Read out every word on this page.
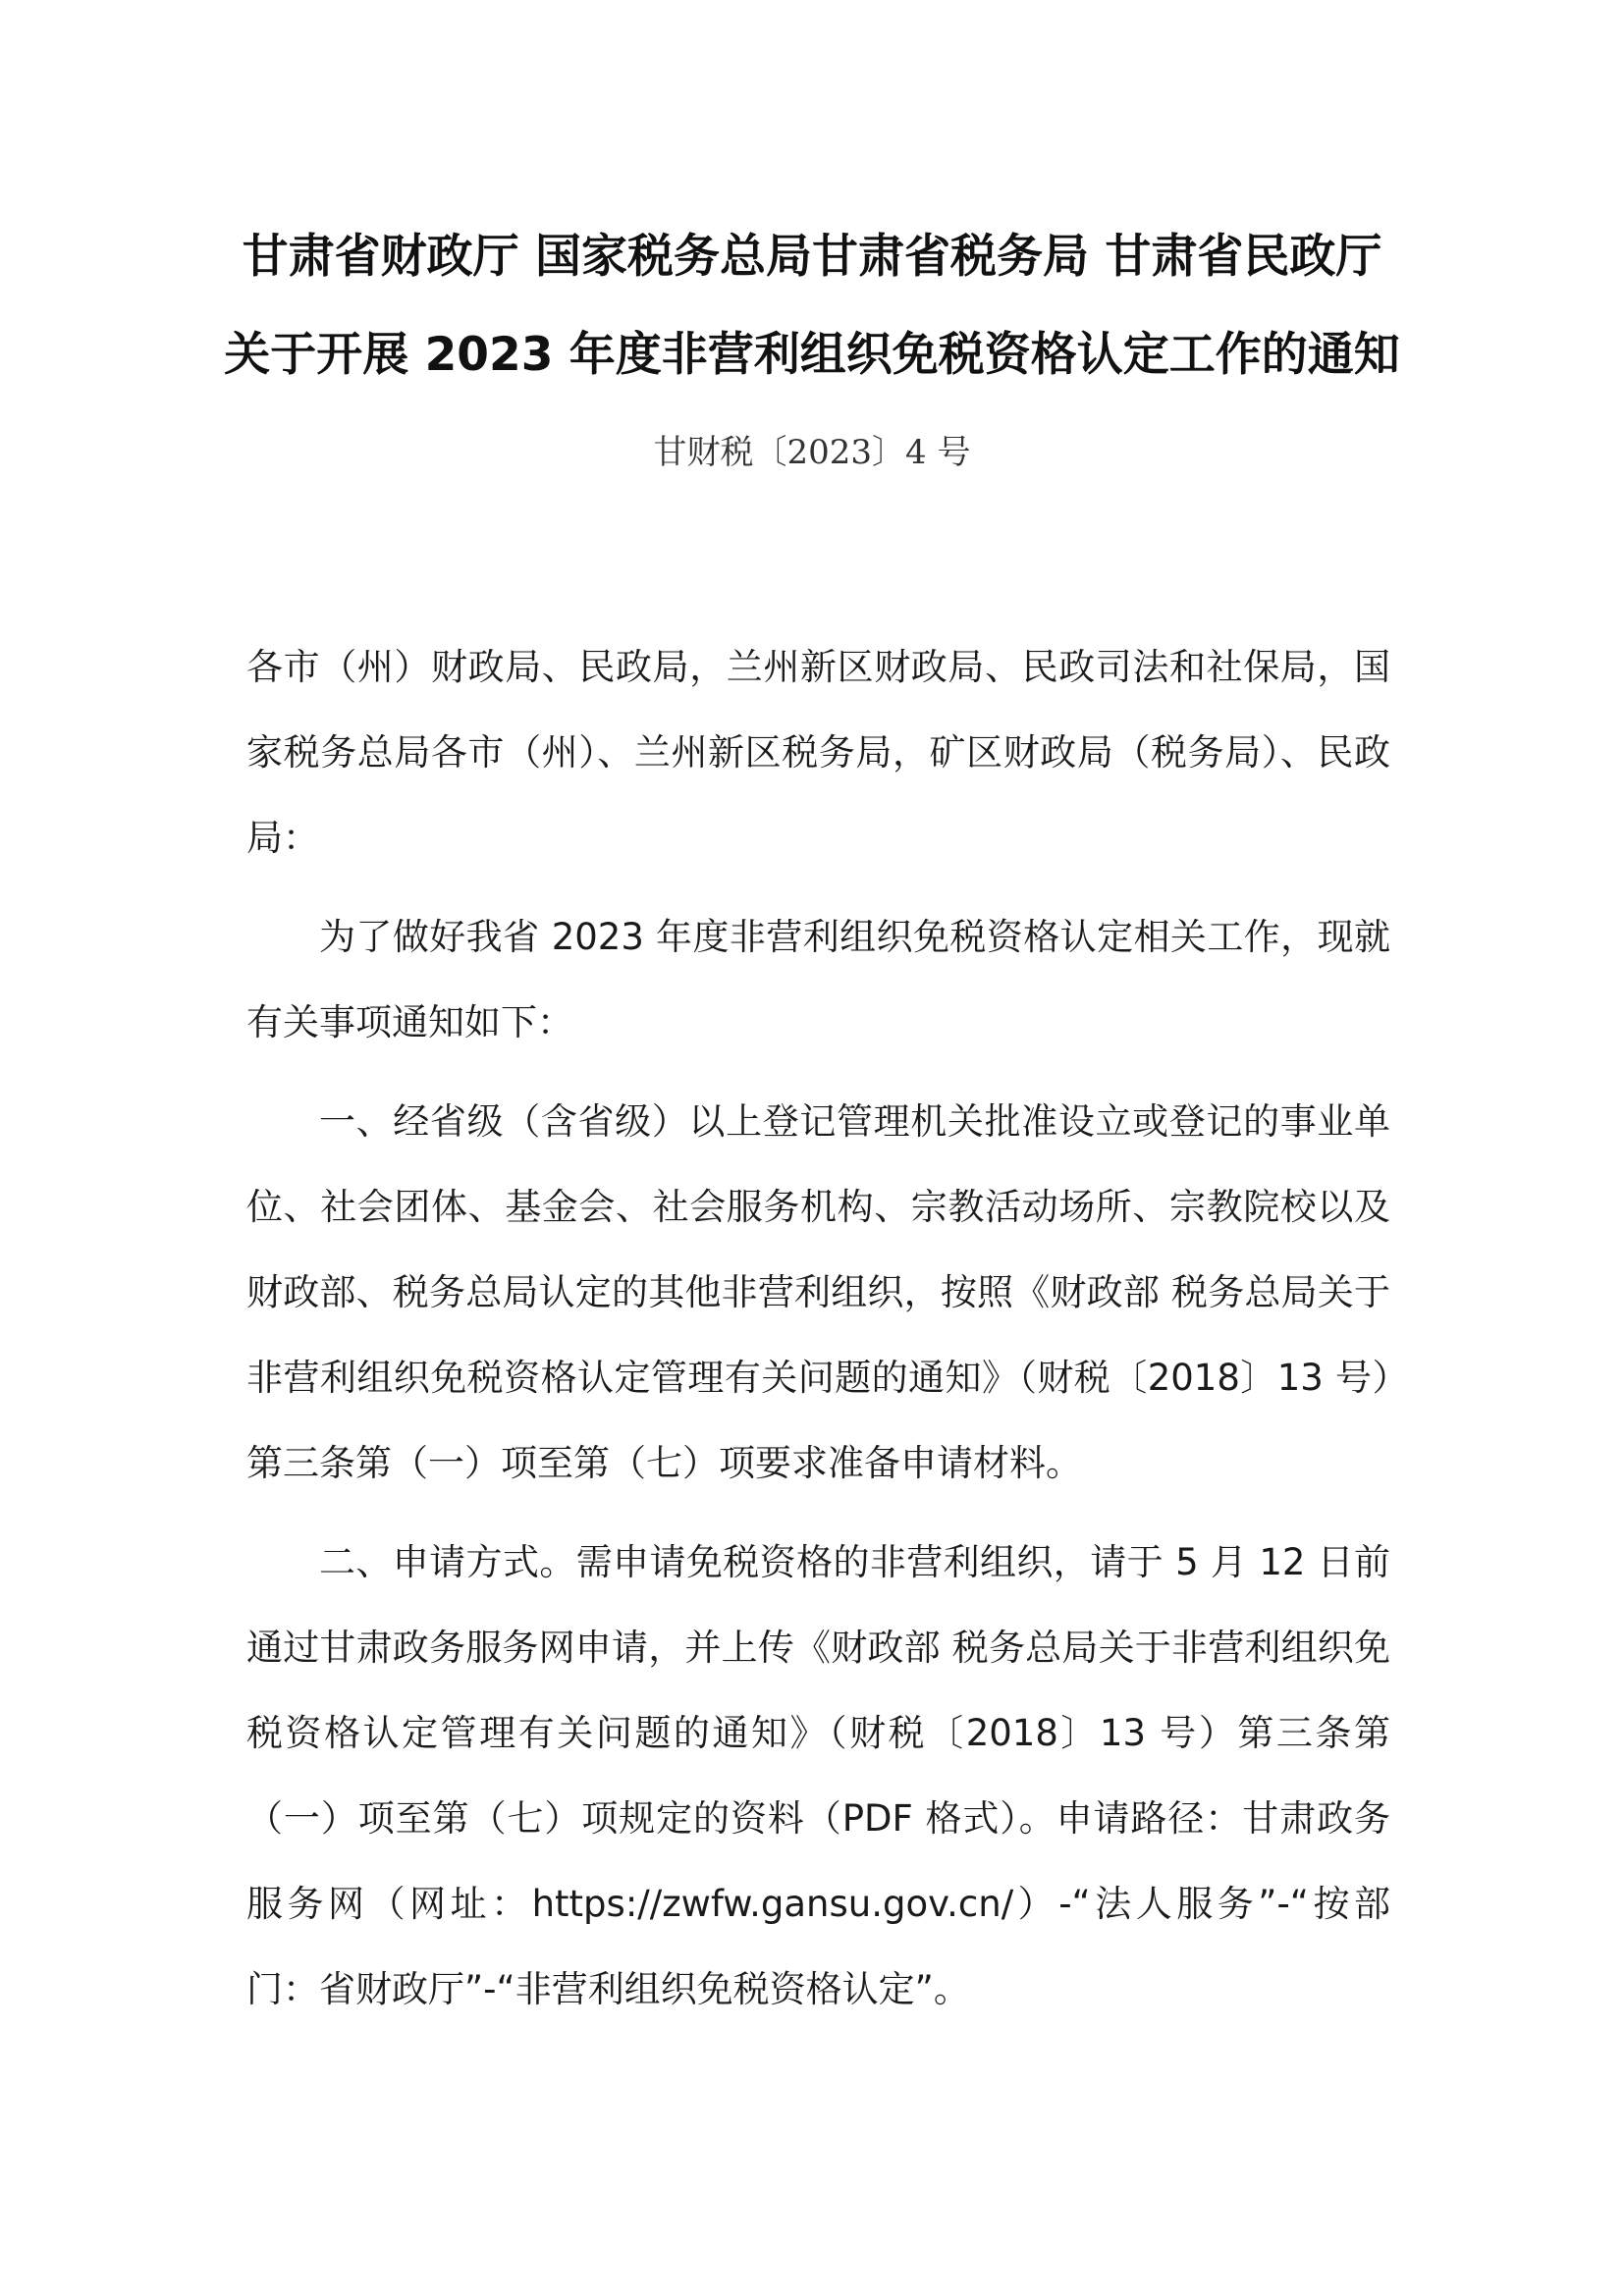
甘肃省财政厅 国家税务总局甘肃省税务局 甘肃省民政厅
关于开展 2023 年度非营利组织免税资格认定工作的通知

甘财税〔2023〕4 号

各市（州）财政局、民政局，兰州新区财政局、民政司法和社保局，国家税务总局各市（州）、兰州新区税务局，矿区财政局（税务局）、民政局：

为了做好我省 2023 年度非营利组织免税资格认定相关工作，现就有关事项通知如下：

一、经省级（含省级）以上登记管理机关批准设立或登记的事业单位、社会团体、基金会、社会服务机构、宗教活动场所、宗教院校以及财政部、税务总局认定的其他非营利组织，按照《财政部 税务总局关于非营利组织免税资格认定管理有关问题的通知》（财税〔2018〕13 号）第三条第（一）项至第（七）项要求准备申请材料。

二、申请方式。需申请免税资格的非营利组织，请于 5 月 12 日前通过甘肃政务服务网申请，并上传《财政部 税务总局关于非营利组织免税资格认定管理有关问题的通知》（财税〔2018〕13 号）第三条第（一）项至第（七）项规定的资料（PDF 格式）。申请路径：甘肃政务服务网（网址：https://zwfw.gansu.gov.cn/）-“法人服务”-“按部门：省财政厅”-“非营利组织免税资格认定”。
